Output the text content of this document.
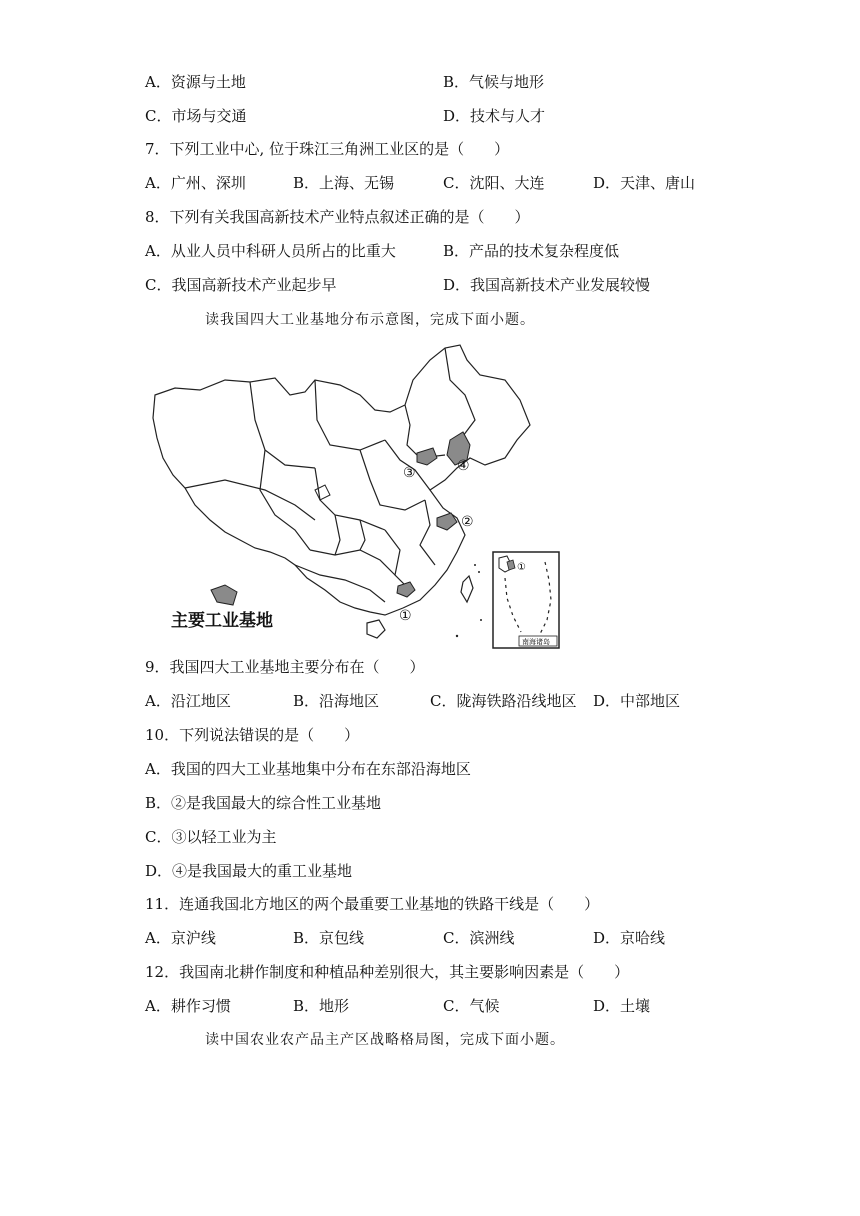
A．资源与土地	B．气候与地形
C．市场与交通	D．技术与人才
7．下列工业中心, 位于珠江三角洲工业区的是（　　）
A．广州、深圳	B．上海、无锡	C．沈阳、大连	D．天津、唐山
8．下列有关我国高新技术产业特点叙述正确的是（　　）
A．从业人员中科研人员所占的比重大	B．产品的技术复杂程度低
C．我国高新技术产业起步早	D．我国高新技术产业发展较慢
读我国四大工业基地分布示意图，完成下面小题。
①
②
③	④
①
南海诸岛
主要工业基地
9．我国四大工业基地主要分布在（　　）
A．沿江地区	B．沿海地区	C．陇海铁路沿线地区 D．中部地区
10．下列说法错误的是（　　）
A．我国的四大工业基地集中分布在东部沿海地区
B．②是我国最大的综合性工业基地
C．③以轻工业为主
D．④是我国最大的重工业基地
11．连通我国北方地区的两个最重要工业基地的铁路干线是（　　）
A．京沪线	B．京包线	C．滨洲线	D．京哈线
12．我国南北耕作制度和种植品种差别很大，其主要影响因素是（　　）
A．耕作习惯	B．地形	C．气候	D．土壤
读中国农业农产品主产区战略格局图，完成下面小题。
